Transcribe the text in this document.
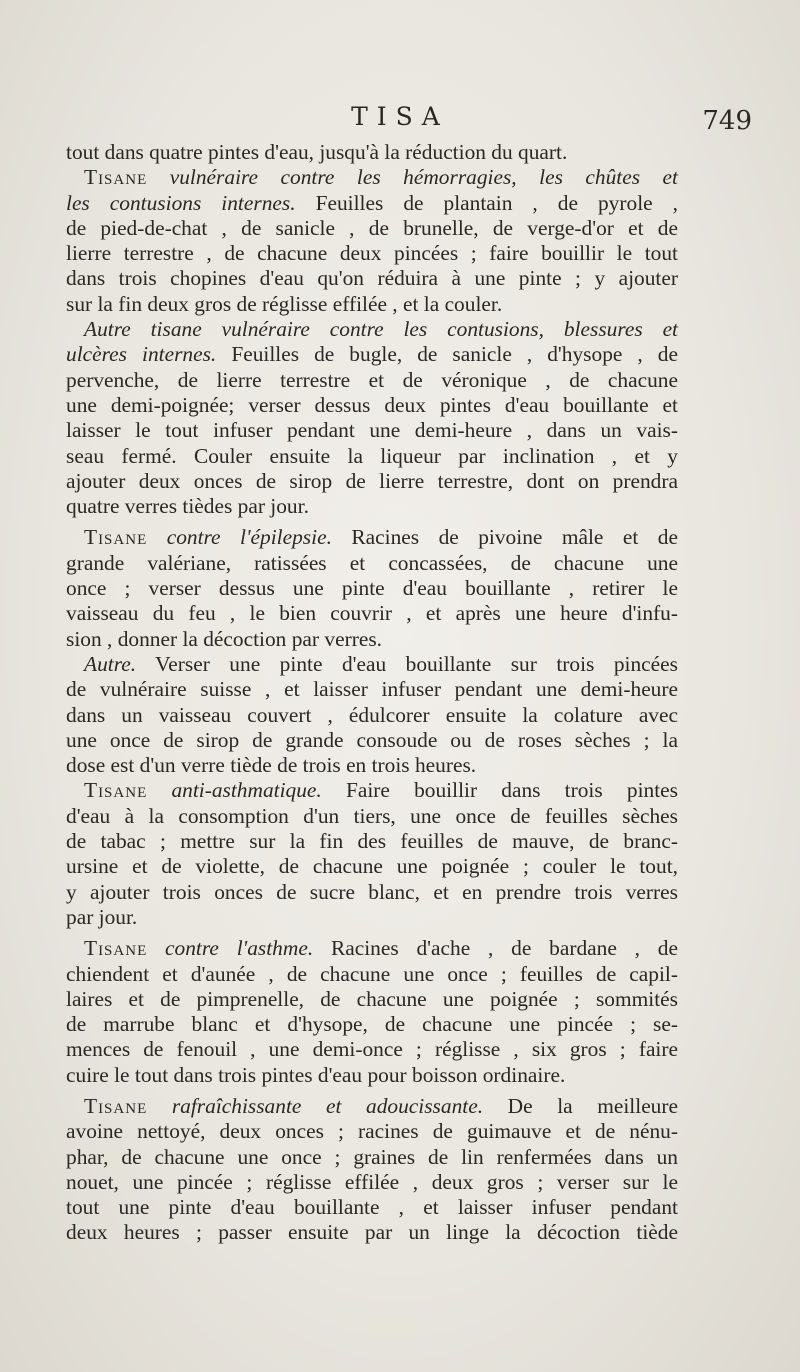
TISA	749
tout dans quatre pintes d'eau, jusqu'à la réduction du quart.
Tisane vulnéraire contre les hémorragies, les chûtes et
les contusions internes. Feuilles de plantain , de pyrole ,
de pied-de-chat , de sanicle , de brunelle, de verge-d'or et de
lierre terrestre , de chacune deux pincées ; faire bouillir le tout
dans trois chopines d'eau qu'on réduira à une pinte ; y ajouter
sur la fin deux gros de réglisse effilée , et la couler.
Autre tisane vulnéraire contre les contusions, blessures et
ulcères internes. Feuilles de bugle, de sanicle , d'hysope , de
pervenche, de lierre terrestre et de véronique , de chacune
une demi-poignée; verser dessus deux pintes d'eau bouillante et
laisser le tout infuser pendant une demi-heure , dans un vais-
seau fermé. Couler ensuite la liqueur par inclination , et y
ajouter deux onces de sirop de lierre terrestre, dont on prendra
quatre verres tièdes par jour.
Tisane contre l'épilepsie. Racines de pivoine mâle et de
grande valériane, ratissées et concassées, de chacune une
once ; verser dessus une pinte d'eau bouillante , retirer le
vaisseau du feu , le bien couvrir , et après une heure d'infu-
sion , donner la décoction par verres.
Autre. Verser une pinte d'eau bouillante sur trois pincées
de vulnéraire suisse , et laisser infuser pendant une demi-heure
dans un vaisseau couvert , édulcorer ensuite la colature avec
une once de sirop de grande consoude ou de roses sèches ; la
dose est d'un verre tiède de trois en trois heures.
Tisane anti-asthmatique. Faire bouillir dans trois pintes
d'eau à la consomption d'un tiers, une once de feuilles sèches
de tabac ; mettre sur la fin des feuilles de mauve, de branc-
ursine et de violette, de chacune une poignée ; couler le tout,
y ajouter trois onces de sucre blanc, et en prendre trois verres
par jour.
Tisane contre l'asthme. Racines d'ache , de bardane , de
chiendent et d'aunée , de chacune une once ; feuilles de capil-
laires et de pimprenelle, de chacune une poignée ; sommités
de marrube blanc et d'hysope, de chacune une pincée ; se-
mences de fenouil , une demi-once ; réglisse , six gros ; faire
cuire le tout dans trois pintes d'eau pour boisson ordinaire.
Tisane rafraîchissante et adoucissante. De la meilleure
avoine nettoyé, deux onces ; racines de guimauve et de nénu-
phar, de chacune une once ; graines de lin renfermées dans un
nouet, une pincée ; réglisse effilée , deux gros ; verser sur le
tout une pinte d'eau bouillante , et laisser infuser pendant
deux heures ; passer ensuite par un linge la décoction tiède
